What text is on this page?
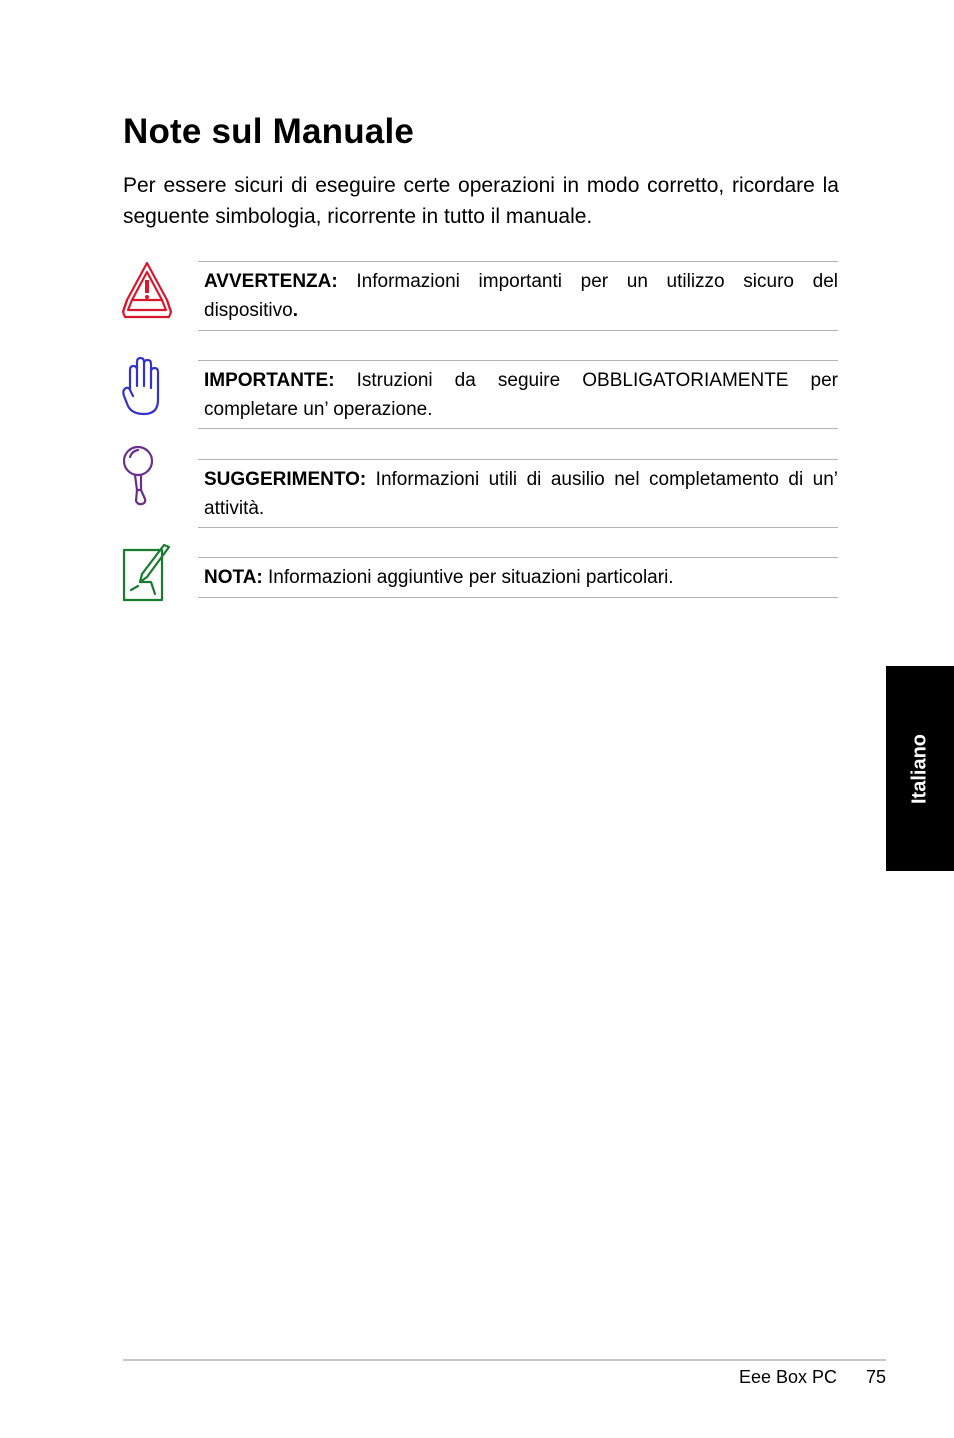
Note sul Manuale

Per essere sicuri di eseguire certe operazioni in modo corretto, ricordare la seguente simbologia, ricorrente in tutto il manuale.

AVVERTENZA: Informazioni importanti per un utilizzo sicuro del dispositivo.

IMPORTANTE: Istruzioni da seguire OBBLIGATORIAMENTE per completare un’ operazione.

SUGGERIMENTO: Informazioni utili di ausilio nel completamento di un’ attività.

NOTA: Informazioni aggiuntive per situazioni particolari.

Italiano
Eee Box PC 75
